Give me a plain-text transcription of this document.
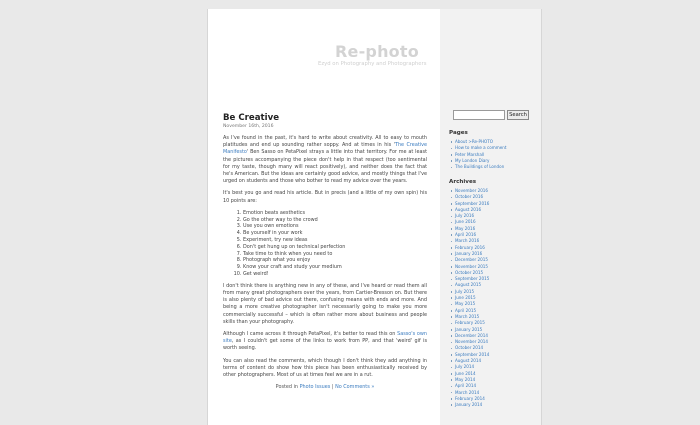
Re-photo
Ezyd on Photography and Photographers
Be Creative
November 16th, 2016

As I've found in the past, it's hard to write about creativity. All to easy to mouth platitudes and end up sounding rather soppy. And at times in his 'The Creative Manifesto' Ben Sasso on PetaPixel strays a little into that territory. For me at least the pictures accompanying the piece don't help in that respect (too sentimental for my taste, though many will react positively), and neither does the fact that he's American. But the ideas are certainly good advice, and mostly things that I've urged on students and those who bother to read my advice over the years.

It's best you go and read his article. But in precis (and a little of my own spin) his 10 points are:

1. Emotion beats aesthetics
2. Go the other way to the crowd
3. Use you own emotions
4. Be yourself in your work
5. Experiment, try new ideas
6. Don't get hung up on technical perfection
7. Take time to think when you need to
8. Photograph what you enjoy
9. Know your craft and study your medium
10. Get weird!

I don't think there is anything new in any of these, and I've heard or read them all from many great photographers over the years, from Cartier-Bresson on. But there is also plenty of bad advice out there, confusing means with ends and more. And being a more creative photographer isn't necessarily going to make you more commercially successful – which is often rather more about business and people skills than your photography.

Although I came across it through PetaPixel, it's better to read this on Sasso's own site, as I couldn't get some of the links to work from PP, and that 'weird' gif is worth seeing.

You can also read the comments, which though I don't think they add anything in terms of content do show how this piece has been enthusiastically received by other photographers. Most of us at times feel we are in a rut.

Posted in Photo Issues | No Comments »
Search
Pages
About >Re-PHOTO
How to make a comment
Peter Marshall
My London Diary
The Buildings of London
Archives
November 2016
October 2016
September 2016
August 2016
July 2016
June 2016
May 2016
April 2016
March 2016
February 2016
January 2016
December 2015
November 2015
October 2015
September 2015
August 2015
July 2015
June 2015
May 2015
April 2015
March 2015
February 2015
January 2015
December 2014
November 2014
October 2014
September 2014
August 2014
July 2014
June 2014
May 2014
April 2014
March 2014
February 2014
January 2014
